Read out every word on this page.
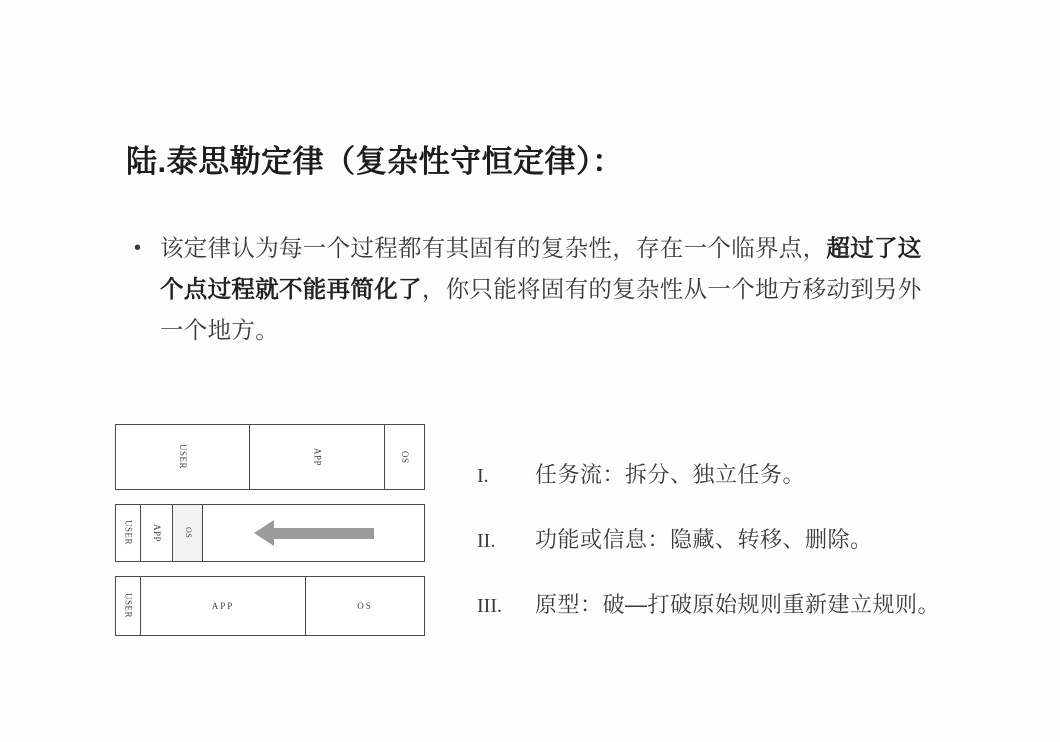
陆.泰思勒定律（复杂性守恒定律）：
• 该定律认为每一个过程都有其固有的复杂性，存在一个临界点，超过了这个点过程就不能再简化了，你只能将固有的复杂性从一个地方移动到另外一个地方。
USER	APP	OS
USER APP	OS
USER	APP	OS
I.	任务流：拆分、独立任务。
II.	功能或信息：隐藏、转移、删除。
III.	原型：破—打破原始规则重新建立规则。
